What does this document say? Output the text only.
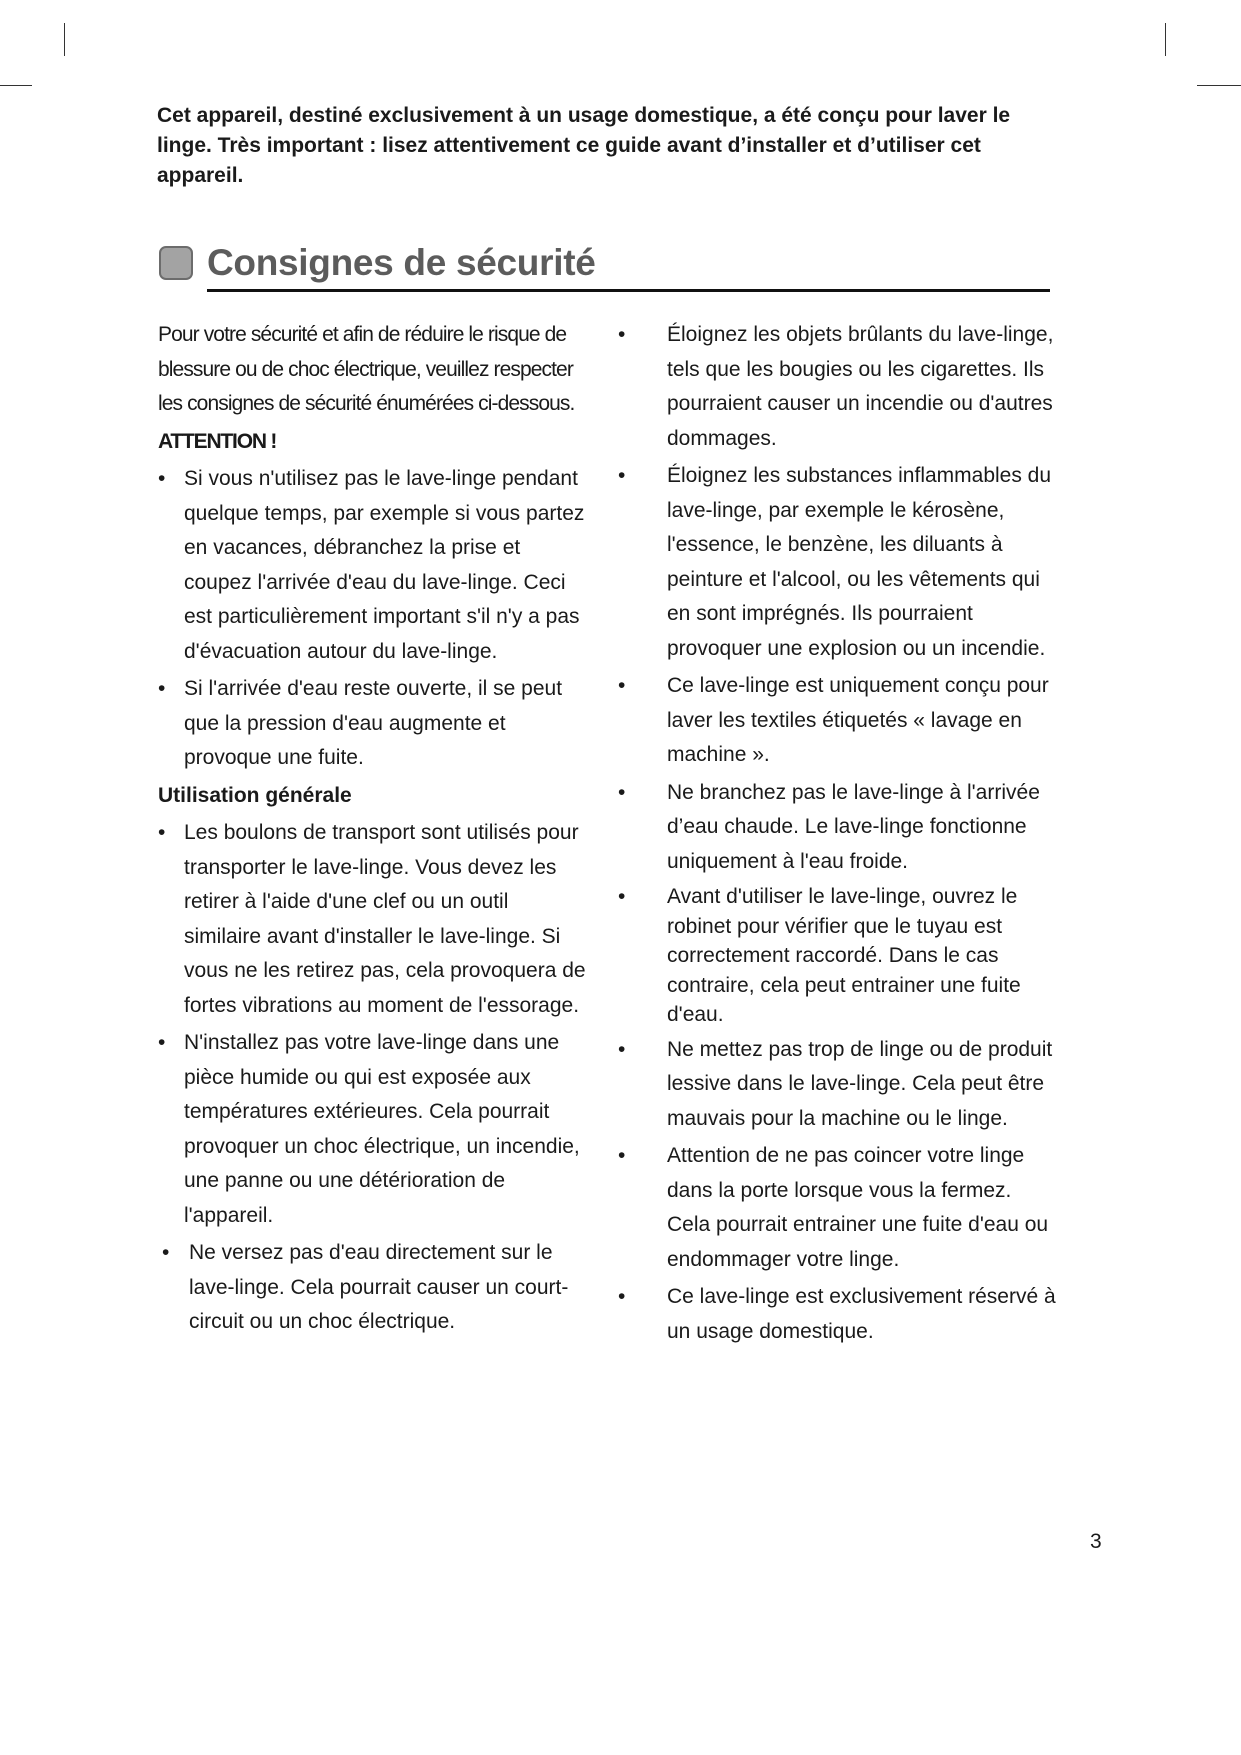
Cet appareil, destiné exclusivement à un usage domestique, a été conçu pour laver le linge. Très important : lisez attentivement ce guide avant d’installer et d’utiliser cet appareil.
Consignes de sécurité

Pour votre sécurité et afin de réduire le risque de blessure ou de choc électrique, veuillez respecter les consignes de sécurité énumérées ci-dessous.

ATTENTION !
• Si vous n'utilisez pas le lave-linge pendant quelque temps, par exemple si vous partez en vacances, débranchez la prise et coupez l'arrivée d'eau du lave-linge. Ceci est particulièrement important s'il n'y a pas d'évacuation autour du lave-linge.
• Si l'arrivée d'eau reste ouverte, il se peut que la pression d'eau augmente et provoque une fuite.
Utilisation générale
• Les boulons de transport sont utilisés pour transporter le lave-linge. Vous devez les retirer à l'aide d'une clef ou un outil similaire avant d'installer le lave-linge. Si vous ne les retirez pas, cela provoquera de fortes vibrations au moment de l'essorage.
• N'installez pas votre lave-linge dans une pièce humide ou qui est exposée aux températures extérieures. Cela pourrait provoquer un choc électrique, un incendie, une panne ou une détérioration de l'appareil.
• Ne versez pas d'eau directement sur le lave-linge. Cela pourrait causer un court-circuit ou un choc électrique.
• Éloignez les objets brûlants du lave-linge, tels que les bougies ou les cigarettes. Ils pourraient causer un incendie ou d'autres dommages.
• Éloignez les substances inflammables du lave-linge, par exemple le kérosène, l'essence, le benzène, les diluants à peinture et l'alcool, ou les vêtements qui en sont imprégnés. Ils pourraient provoquer une explosion ou un incendie.
• Ce lave-linge est uniquement conçu pour laver les textiles étiquetés « lavage en machine ».
• Ne branchez pas le lave-linge à l'arrivée d’eau chaude. Le lave-linge fonctionne uniquement à l'eau froide.
• Avant d'utiliser le lave-linge, ouvrez le robinet pour vérifier que le tuyau est correctement raccordé. Dans le cas contraire, cela peut entrainer une fuite d'eau.
• Ne mettez pas trop de linge ou de produit lessive dans le lave-linge. Cela peut être mauvais pour la machine ou le linge.
• Attention de ne pas coincer votre linge dans la porte lorsque vous la fermez. Cela pourrait entrainer une fuite d'eau ou endommager votre linge.
• Ce lave-linge est exclusivement réservé à un usage domestique.
3
